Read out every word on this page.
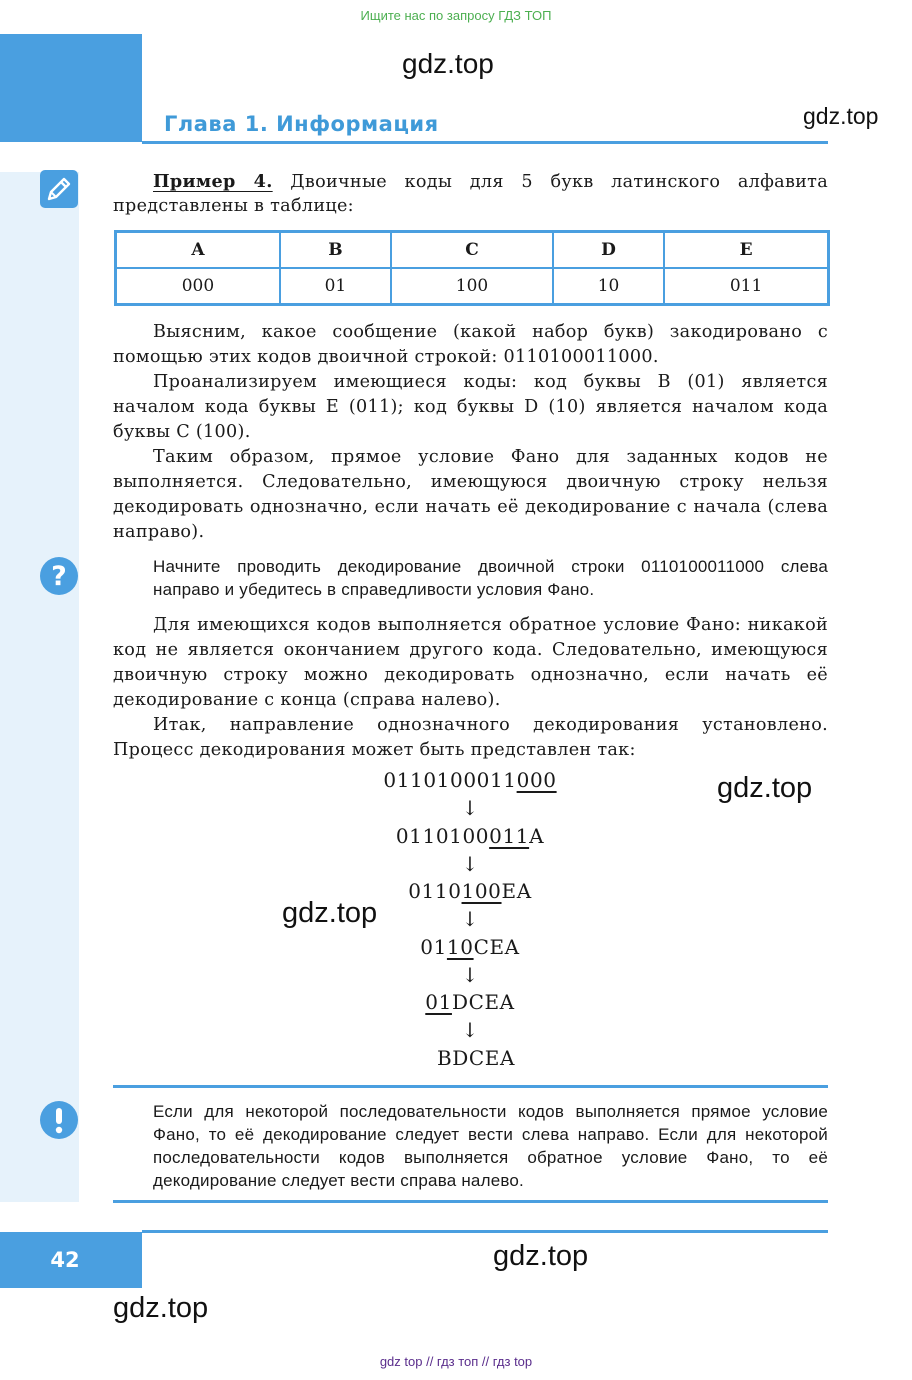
Ищите нас по запросу ГДЗ ТОП
gdz.top
Глава 1. Информация	gdz.top
Пример 4. Двоичные коды для 5 букв латинского алфавита
представлены в таблице:
A	B	C	D	E
000	01	100	10	011
Выясним, какое сообщение (какой набор букв) закодировано с помощью этих кодов двоичной строкой: 0110100011000.
Проанализируем имеющиеся коды: код буквы B (01) является началом кода буквы E (011); код буквы D (10) является началом кода буквы C (100).
Таким образом, прямое условие Фано для заданных кодов не выполняется. Следовательно, имеющуюся двоичную строку нельзя декодировать однозначно, если начать её декодирование с начала (слева направо).
?	Начните проводить декодирование двоичной строки 0110100011000 слева направо и убедитесь в справедливости условия Фано.
Для имеющихся кодов выполняется обратное условие Фано: никакой код не является окончанием другого кода. Следовательно, имеющуюся двоичную строку можно декодировать однозначно, если начать её декодирование с конца (справа налево).
Итак, направление однозначного декодирования установлено. Процесс декодирования может быть представлен так:
0110100011000
↓
0110100011A
↓
0110100EA
↓
0110CEA
↓
01DCEA
↓
BDCEA
gdz.top
gdz.top
Если для некоторой последовательности кодов выполняется прямое условие Фано, то её декодирование следует вести слева направо. Если для некоторой последовательности кодов выполняется обратное условие Фано, то её декодирование следует вести справа налево.
42	gdz.top
gdz.top
gdz top // гдз топ // гдз top
